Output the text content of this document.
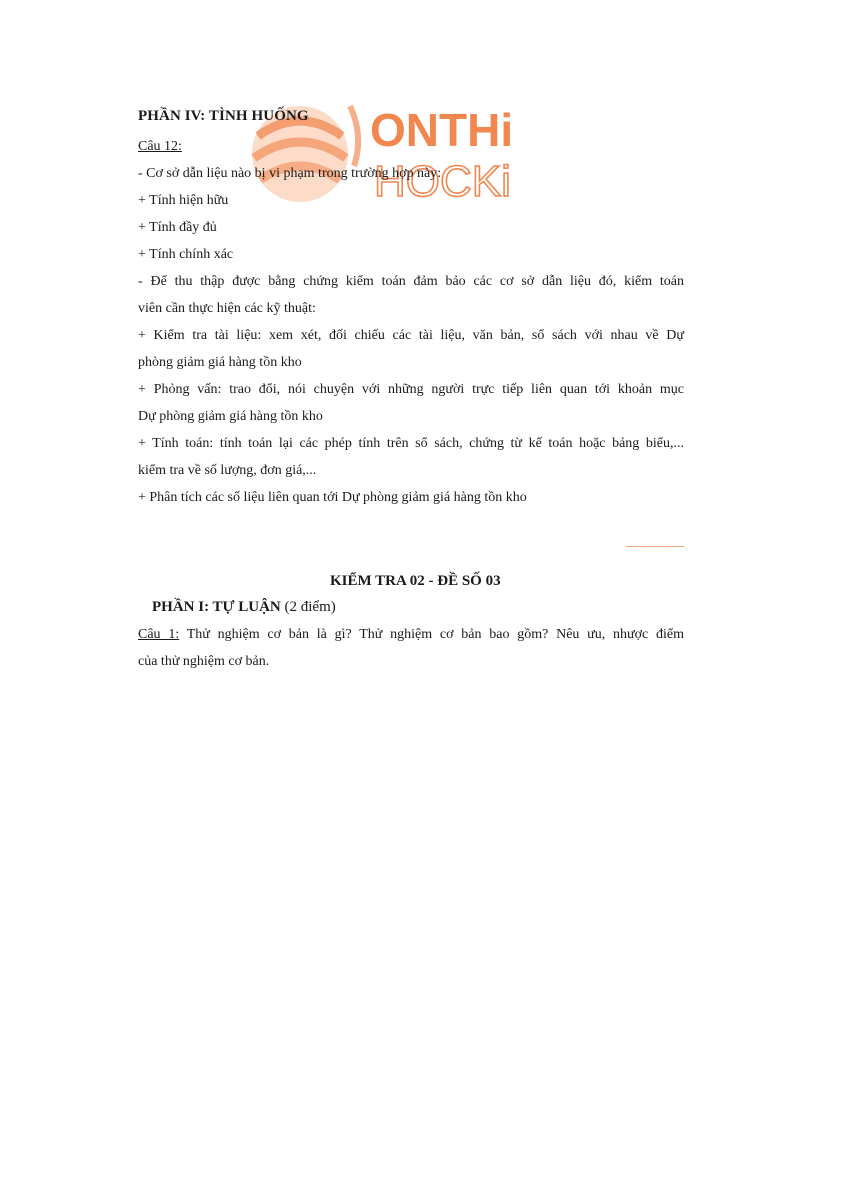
ONTHi
HOCKi
PHẦN IV: TÌNH HUỐNG
Câu 12:
- Cơ sở dẫn liệu nào bị vi phạm trong trường hợp này:
+ Tính hiện hữu
+ Tính đầy đủ
+ Tính chính xác
- Để thu thập được bằng chứng kiểm toán đảm bảo các cơ sở dẫn liệu đó, kiểm toán
viên cần thực hiện các kỹ thuật:
+ Kiểm tra tài liệu: xem xét, đối chiếu các tài liệu, văn bản, sổ sách với nhau về Dự
phòng giảm giá hàng tồn kho
+ Phỏng vấn: trao đổi, nói chuyện với những người trực tiếp liên quan tới khoản mục
Dự phòng giảm giá hàng tồn kho
+ Tính toán: tính toán lại các phép tính trên sổ sách, chứng từ kế toán hoặc bảng biểu,...
kiểm tra về số lượng, đơn giá,...
+ Phân tích các số liệu liên quan tới Dự phòng giảm giá hàng tồn kho
KIỂM TRA 02 - ĐỀ SỐ 03
PHẦN I: TỰ LUẬN (2 điểm)
Câu 1: Thử nghiệm cơ bản là gì? Thử nghiệm cơ bản bao gồm? Nêu ưu, nhược điểm
của thử nghiệm cơ bản.
